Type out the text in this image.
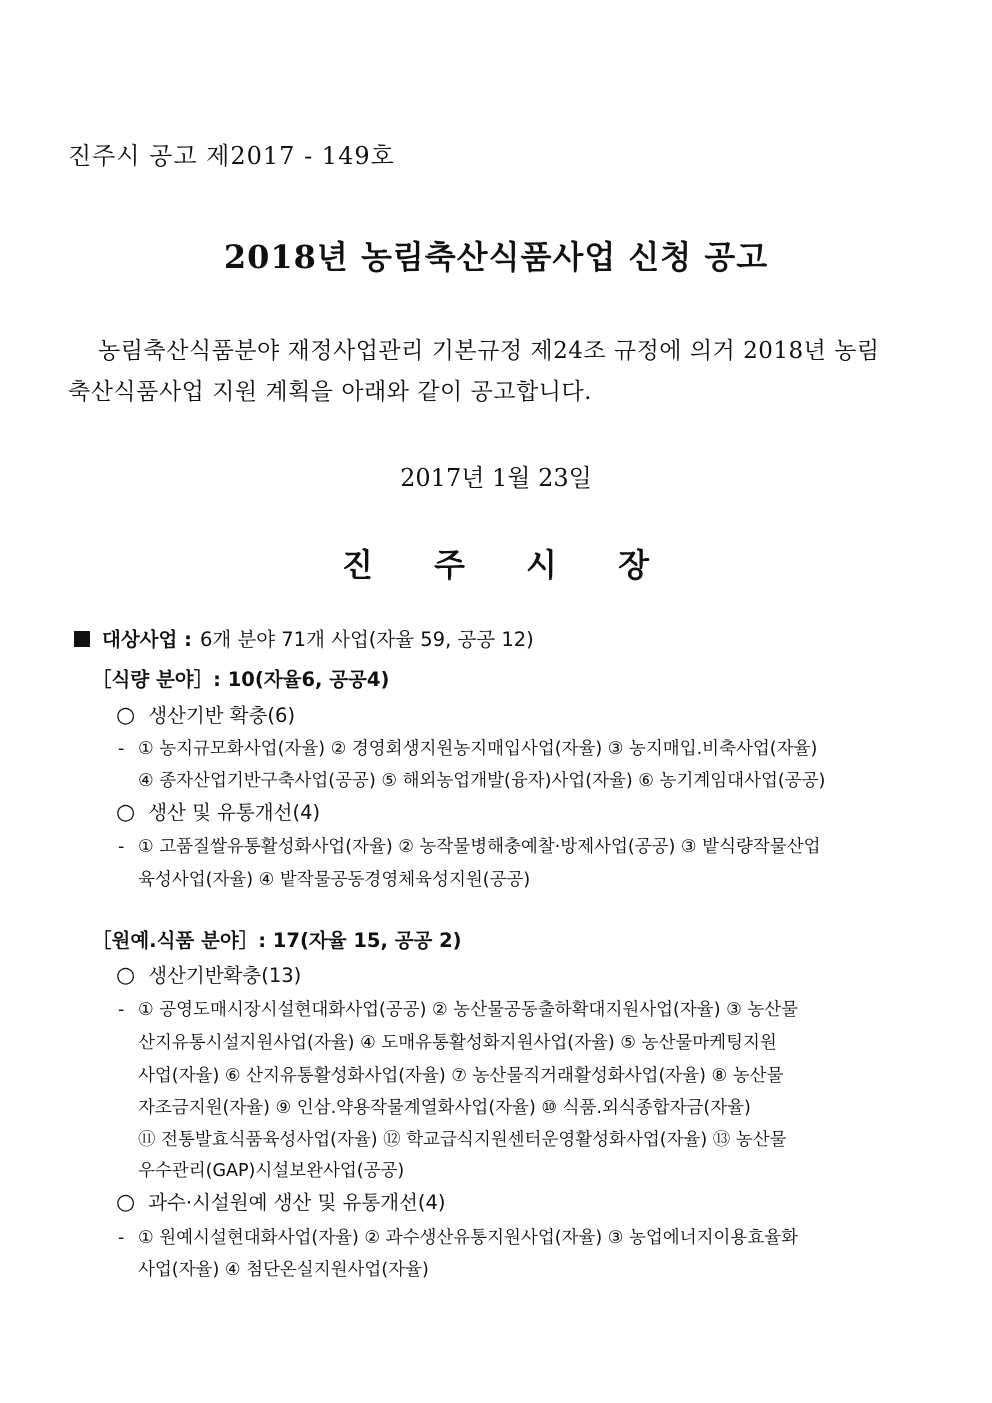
진주시 공고 제2017 - 149호
2018년 농림축산식품사업 신청 공고
농림축산식품분야 재정사업관리 기본규정 제24조 규정에 의거 2018년 농림
축산식품사업 지원 계획을 아래와 같이 공고합니다.
2017년 1월 23일
진 주 시 장
대상사업 : 6개 분야 71개 사업(자율 59, 공공 12)
［식량 분야］: 10(자율6, 공공4)
○ 생산기반 확충(6)
- ① 농지규모화사업(자율) ② 경영회생지원농지매입사업(자율) ③ 농지매입.비축사업(자율)
④ 종자산업기반구축사업(공공) ⑤ 해외농업개발(융자)사업(자율) ⑥ 농기계임대사업(공공)
○ 생산 및 유통개선(4)
- ① 고품질쌀유통활성화사업(자율) ② 농작물병해충예찰·방제사업(공공) ③ 밭식량작물산업
육성사업(자율) ④ 밭작물공동경영체육성지원(공공)
［원예.식품 분야］: 17(자율 15, 공공 2)
○ 생산기반확충(13)
- ① 공영도매시장시설현대화사업(공공) ② 농산물공동출하확대지원사업(자율) ③ 농산물
산지유통시설지원사업(자율) ④ 도매유통활성화지원사업(자율) ⑤ 농산물마케팅지원
사업(자율) ⑥ 산지유통활성화사업(자율) ⑦ 농산물직거래활성화사업(자율) ⑧ 농산물
자조금지원(자율) ⑨ 인삼.약용작물계열화사업(자율) ⑩ 식품.외식종합자금(자율)
⑪ 전통발효식품육성사업(자율) ⑫ 학교급식지원센터운영활성화사업(자율) ⑬ 농산물
우수관리(GAP)시설보완사업(공공)
○ 과수·시설원예 생산 및 유통개선(4)
- ① 원예시설현대화사업(자율) ② 과수생산유통지원사업(자율) ③ 농업에너지이용효율화
사업(자율) ④ 첨단온실지원사업(자율)
